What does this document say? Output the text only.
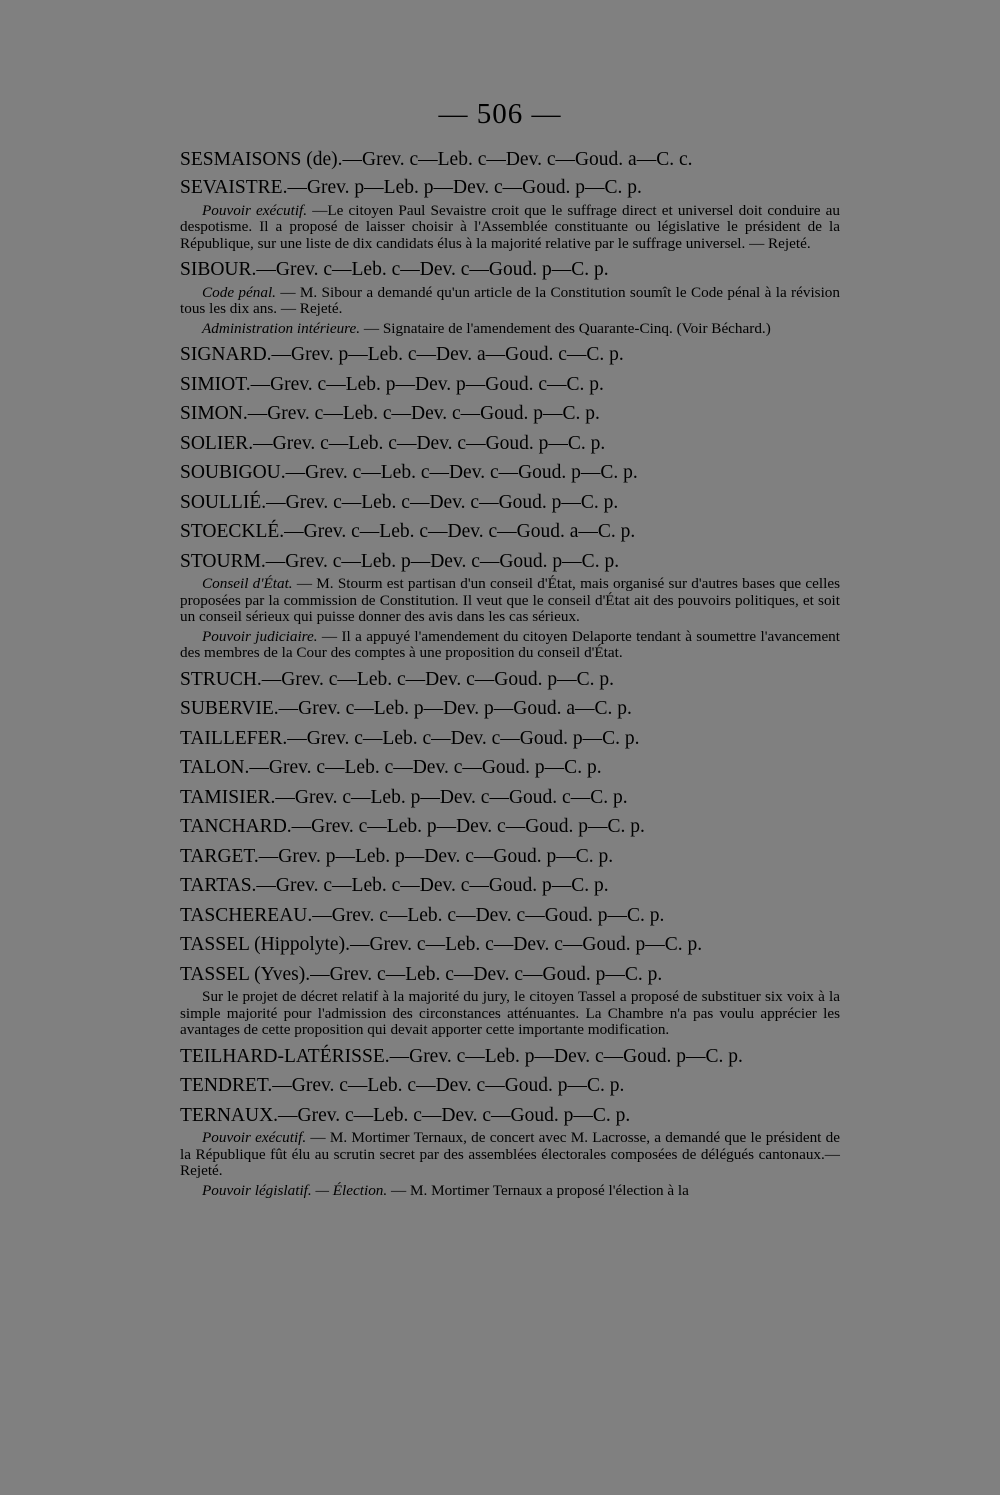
— 506 —

SESMAISONS (de).—Grev. c—Leb. c—Dev. c—Goud. a—C. c.

SEVAISTRE.—Grev. p—Leb. p—Dev. c—Goud. p—C. p.

Pouvoir exécutif. —Le citoyen Paul Sevaistre croit que le suffrage direct et universel doit conduire au despotisme. Il a proposé de laisser choisir à l'Assemblée constituante ou législative le président de la République, sur une liste de dix candidats élus à la majorité relative par le suffrage universel. — Rejeté.

SIBOUR.—Grev. c—Leb. c—Dev. c—Goud. p—C. p.

Code pénal. — M. Sibour a demandé qu'un article de la Constitution soumît le Code pénal à la révision tous les dix ans. — Rejeté.

Administration intérieure. — Signataire de l'amendement des Quarante-Cinq. (Voir Béchard.)

SIGNARD.—Grev. p—Leb. c—Dev. a—Goud. c—C. p.

SIMIOT.—Grev. c—Leb. p—Dev. p—Goud. c—C. p.

SIMON.—Grev. c—Leb. c—Dev. c—Goud. p—C. p.

SOLIER.—Grev. c—Leb. c—Dev. c—Goud. p—C. p.

SOUBIGOU.—Grev. c—Leb. c—Dev. c—Goud. p—C. p.

SOULLIÉ.—Grev. c—Leb. c—Dev. c—Goud. p—C. p.

STOECKLÉ.—Grev. c—Leb. c—Dev. c—Goud. a—C. p.

STOURM.—Grev. c—Leb. p—Dev. c—Goud. p—C. p.

Conseil d'État. — M. Stourm est partisan d'un conseil d'État, mais organisé sur d'autres bases que celles proposées par la commission de Constitution. Il veut que le conseil d'État ait des pouvoirs politiques, et soit un conseil sérieux qui puisse donner des avis dans les cas sérieux.

Pouvoir judiciaire. — Il a appuyé l'amendement du citoyen Delaporte tendant à soumettre l'avancement des membres de la Cour des comptes à une proposition du conseil d'État.

STRUCH.—Grev. c—Leb. c—Dev. c—Goud. p—C. p.

SUBERVIE.—Grev. c—Leb. p—Dev. p—Goud. a—C. p.

TAILLEFER.—Grev. c—Leb. c—Dev. c—Goud. p—C. p.

TALON.—Grev. c—Leb. c—Dev. c—Goud. p—C. p.

TAMISIER.—Grev. c—Leb. p—Dev. c—Goud. c—C. p.

TANCHARD.—Grev. c—Leb. p—Dev. c—Goud. p—C. p.

TARGET.—Grev. p—Leb. p—Dev. c—Goud. p—C. p.

TARTAS.—Grev. c—Leb. c—Dev. c—Goud. p—C. p.

TASCHEREAU.—Grev. c—Leb. c—Dev. c—Goud. p—C. p.

TASSEL (Hippolyte).—Grev. c—Leb. c—Dev. c—Goud. p—C. p.

TASSEL (Yves).—Grev. c—Leb. c—Dev. c—Goud. p—C. p.

Sur le projet de décret relatif à la majorité du jury, le citoyen Tassel a proposé de substituer six voix à la simple majorité pour l'admission des circonstances atténuantes. La Chambre n'a pas voulu apprécier les avantages de cette proposition qui devait apporter cette importante modification.

TEILHARD-LATÉRISSE.—Grev. c—Leb. p—Dev. c—Goud. p—C. p.

TENDRET.—Grev. c—Leb. c—Dev. c—Goud. p—C. p.

TERNAUX.—Grev. c—Leb. c—Dev. c—Goud. p—C. p.

Pouvoir exécutif. — M. Mortimer Ternaux, de concert avec M. Lacrosse, a demandé que le président de la République fût élu au scrutin secret par des assemblées électorales composées de délégués cantonaux.—Rejeté.

Pouvoir législatif. — Élection. — M. Mortimer Ternaux a proposé l'élection à la
